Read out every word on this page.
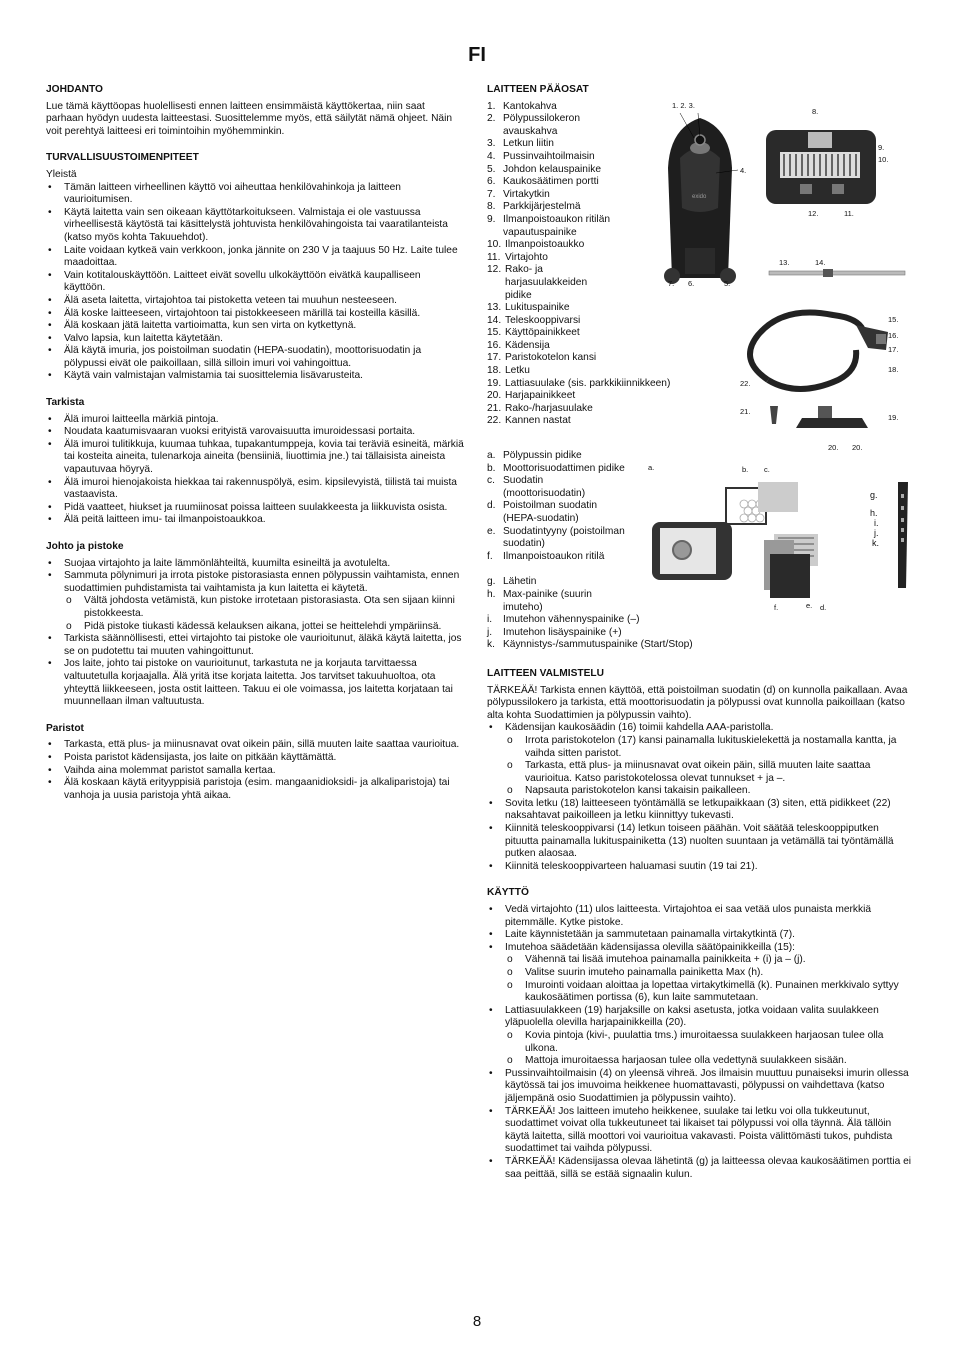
FI
JOHDANTO

Lue tämä käyttöopas huolellisesti ennen laitteen ensimmäistä käyttökertaa, niin saat parhaan hyödyn uudesta laitteestasi. Suosittelemme myös, että säilytät nämä ohjeet. Näin voit perehtyä laitteesi eri toimintoihin myöhemminkin.

TURVALLISUUSTOIMENPITEET
Yleistä
• Tämän laitteen virheellinen käyttö voi aiheuttaa henkilövahinkoja ja laitteen vaurioitumisen.
• Käytä laitetta vain sen oikeaan käyttötarkoitukseen. Valmistaja ei ole vastuussa virheellisestä käytöstä tai käsittelystä johtuvista henkilövahingoista tai vaaratilanteista (katso myös kohta Takuuehdot).
• Laite voidaan kytkeä vain verkkoon, jonka jännite on 230 V ja taajuus 50 Hz. Laite tulee maadoittaa.
• Vain kotitalouskäyttöön. Laitteet eivät sovellu ulkokäyttöön eivätkä kaupalliseen käyttöön.
• Älä aseta laitetta, virtajohtoa tai pistoketta veteen tai muuhun nesteeseen.
• Älä koske laitteeseen, virtajohtoon tai pistokkeeseen märillä tai kosteilla käsillä.
• Älä koskaan jätä laitetta vartioimatta, kun sen virta on kytkettynä.
• Valvo lapsia, kun laitetta käytetään.
• Älä käytä imuria, jos poistoilman suodatin (HEPA-suodatin), moottorisuodatin ja pölypussi eivät ole paikoillaan, sillä silloin imuri voi vahingoittua.
• Käytä vain valmistajan valmistamia tai suosittelemia lisävarusteita.
Tarkista
• Älä imuroi laitteella märkiä pintoja.
• Noudata kaatumisvaaran vuoksi erityistä varovaisuutta imuroidessasi portaita.
• Älä imuroi tulitikkuja, kuumaa tuhkaa, tupakantumppeja, kovia tai teräviä esineitä, märkiä tai kosteita aineita, tulenarkoja aineita (bensiiniä, liuottimia jne.) tai tällaisista aineista vapautuvaa höyryä.
• Älä imuroi hienojakoista hiekkaa tai rakennuspölyä, esim. kipsilevyistä, tiilistä tai muista vastaavista.
• Pidä vaatteet, hiukset ja ruumiinosat poissa laitteen suulakkeesta ja liikkuvista osista.
• Älä peitä laitteen imu- tai ilmanpoistoaukkoa.
Johto ja pistoke
• Suojaa virtajohto ja laite lämmönlähteiltä, kuumilta esineiltä ja avotulelta.
• Sammuta pölynimuri ja irrota pistoke pistorasiasta ennen pölypussin vaihtamista, ennen suodattimien puhdistamista tai vaihtamista ja kun laitetta ei käytetä.
o Vältä johdosta vetämistä, kun pistoke irrotetaan pistorasiasta. Ota sen sijaan kiinni pistokkeesta.
o Pidä pistoke tiukasti kädessä kelauksen aikana, jottei se heittelehdi ympäriinsä.
• Tarkista säännöllisesti, ettei virtajohto tai pistoke ole vaurioitunut, äläkä käytä laitetta, jos se on pudotettu tai muuten vahingoittunut.
• Jos laite, johto tai pistoke on vaurioitunut, tarkastuta ne ja korjauta tarvittaessa valtuutetulla korjaajalla. Älä yritä itse korjata laitetta. Jos tarvitset takuuhuoltoa, ota yhteyttä liikkeeseen, josta ostit laitteen. Takuu ei ole voimassa, jos laitetta korjataan tai muunnellaan ilman valtuutusta.
Paristot
• Tarkasta, että plus- ja miinusnavat ovat oikein päin, sillä muuten laite saattaa vaurioitua.
• Poista paristot kädensijasta, jos laite on pitkään käyttämättä.
• Vaihda aina molemmat paristot samalla kertaa.
• Älä koskaan käytä erityyppisiä paristoja (esim. mangaanidioksidi- ja alkaliparistoja) tai vanhoja ja uusia paristoja yhtä aikaa.
LAITTEEN PÄÄOSAT
1. Kantokahva
2. Pölypussilokeron avauskahva
3. Letkun liitin
4. Pussinvaihtoilmaisin
5. Johdon kelauspainike
6. Kaukosäätimen portti
7. Virtakytkin
8. Parkkijärjestelmä
9. Ilmanpoistoaukon ritilän vapautuspainike
10. Ilmanpoistoaukko
11. Virtajohto
12. Rako- ja harjasuulakkeiden pidike
13. Lukituspainike
14. Teleskooppivarsi
15. Käyttöpainikkeet
16. Kädensija
17. Paristokotelon kansi
18. Letku
19. Lattiasuulake (sis. parkkikiinnikkeen)
20. Harjapainikkeet
21. Rako-/harjasuulake
22. Kannen nastat
a. Pölypussin pidike
b. Moottorisuodattimen pidike
c. Suodatin (moottorisuodatin)
d. Poistoilman suodatin (HEPA-suodatin)
e. Suodatintyyny (poistoilman suodatin)
f.	Ilmanpoistoaukon ritilä
g. Lähetin
h. Max-painike (suurin imuteho)
i.	Imutehon vähennyspainike (–)
j.	Imutehon lisäyspainike (+)
k. Käynnistys-/sammutuspainike (Start/Stop)
LAITTEEN VALMISTELU

TÄRKEÄÄ! Tarkista ennen käyttöä, että poistoilman suodatin (d) on kunnolla paikallaan. Avaa pölypussilokero ja tarkista, että moottorisuodatin ja pölypussi ovat kunnolla paikoillaan (katso alta kohta Suodattimien ja pölypussin vaihto).

• Kädensijan kaukosäädin (16) toimii kahdella AAA-paristolla.
o Irrota paristokotelon (17) kansi painamalla lukituskielekettä ja nostamalla kantta, ja vaihda sitten paristot.
o Tarkasta, että plus- ja miinusnavat ovat oikein päin, sillä muuten laite saattaa vaurioitua. Katso paristokotelossa olevat tunnukset + ja –.
o Napsauta paristokotelon kansi takaisin paikalleen.
• Sovita letku (18) laitteeseen työntämällä se letkupaikkaan (3) siten, että pidikkeet (22) naksahtavat paikoilleen ja letku kiinnittyy tukevasti.
• Kiinnitä teleskooppivarsi (14) letkun toiseen päähän. Voit säätää teleskooppiputken pituutta painamalla lukituspainiketta (13) nuolten suuntaan ja vetämällä tai työntämällä putken alaosaa.
• Kiinnitä teleskooppivarteen haluamasi suutin (19 tai 21).
KÄYTTÖ
• Vedä virtajohto (11) ulos laitteesta. Virtajohtoa ei saa vetää ulos punaista merkkiä pitemmälle. Kytke pistoke.
• Laite käynnistetään ja sammutetaan painamalla virtakytkintä (7).
• Imutehoa säädetään kädensijassa olevilla säätöpainikkeilla (15):
o Vähennä tai lisää imutehoa painamalla painikkeita + (i) ja – (j).
o Valitse suurin imuteho painamalla painiketta Max (h).
o Imurointi voidaan aloittaa ja lopettaa virtakytkimellä (k). Punainen merkkivalo syttyy kaukosäätimen portissa (6), kun laite sammutetaan.
• Lattiasuulakkeen (19) harjaksille on kaksi asetusta, jotka voidaan valita suulakkeen yläpuolella olevilla harjapainikkeilla (20).
o Kovia pintoja (kivi-, puulattia tms.) imuroitaessa suulakkeen harjaosan tulee olla ulkona.
o Mattoja imuroitaessa harjaosan tulee olla vedettynä suulakkeen sisään.
• Pussinvaihtoilmaisin (4) on yleensä vihreä. Jos ilmaisin muuttuu punaiseksi imurin ollessa käytössä tai jos imuvoima heikkenee huomattavasti, pölypussi on vaihdettava (katso jäljempänä osio Suodattimien ja pölypussin vaihto).
• TÄRKEÄÄ! Jos laitteen imuteho heikkenee, suulake tai letku voi olla tukkeutunut, suodattimet voivat olla tukkeutuneet tai likaiset tai pölypussi voi olla täynnä. Älä tällöin käytä laitetta, sillä moottori voi vaurioitua vakavasti. Poista välittömästi tukos, puhdista suodattimet tai vaihda pölypussi.
• TÄRKEÄÄ! Kädensijassa olevaa lähetintä (g) ja laitteessa olevaa kaukosäätimen porttia ei saa peittää, sillä se estää signaalin kulun.
1. 2. 3.
4.
7. 6.	5.
exido
8.
9.
10.
12.	11.
13.	14.
15.
16.
17.
18.
22.
21.
19.
20. 20.
a.	b. c.
f.	e. d.
g.
h.
i.
j.
k.
8
